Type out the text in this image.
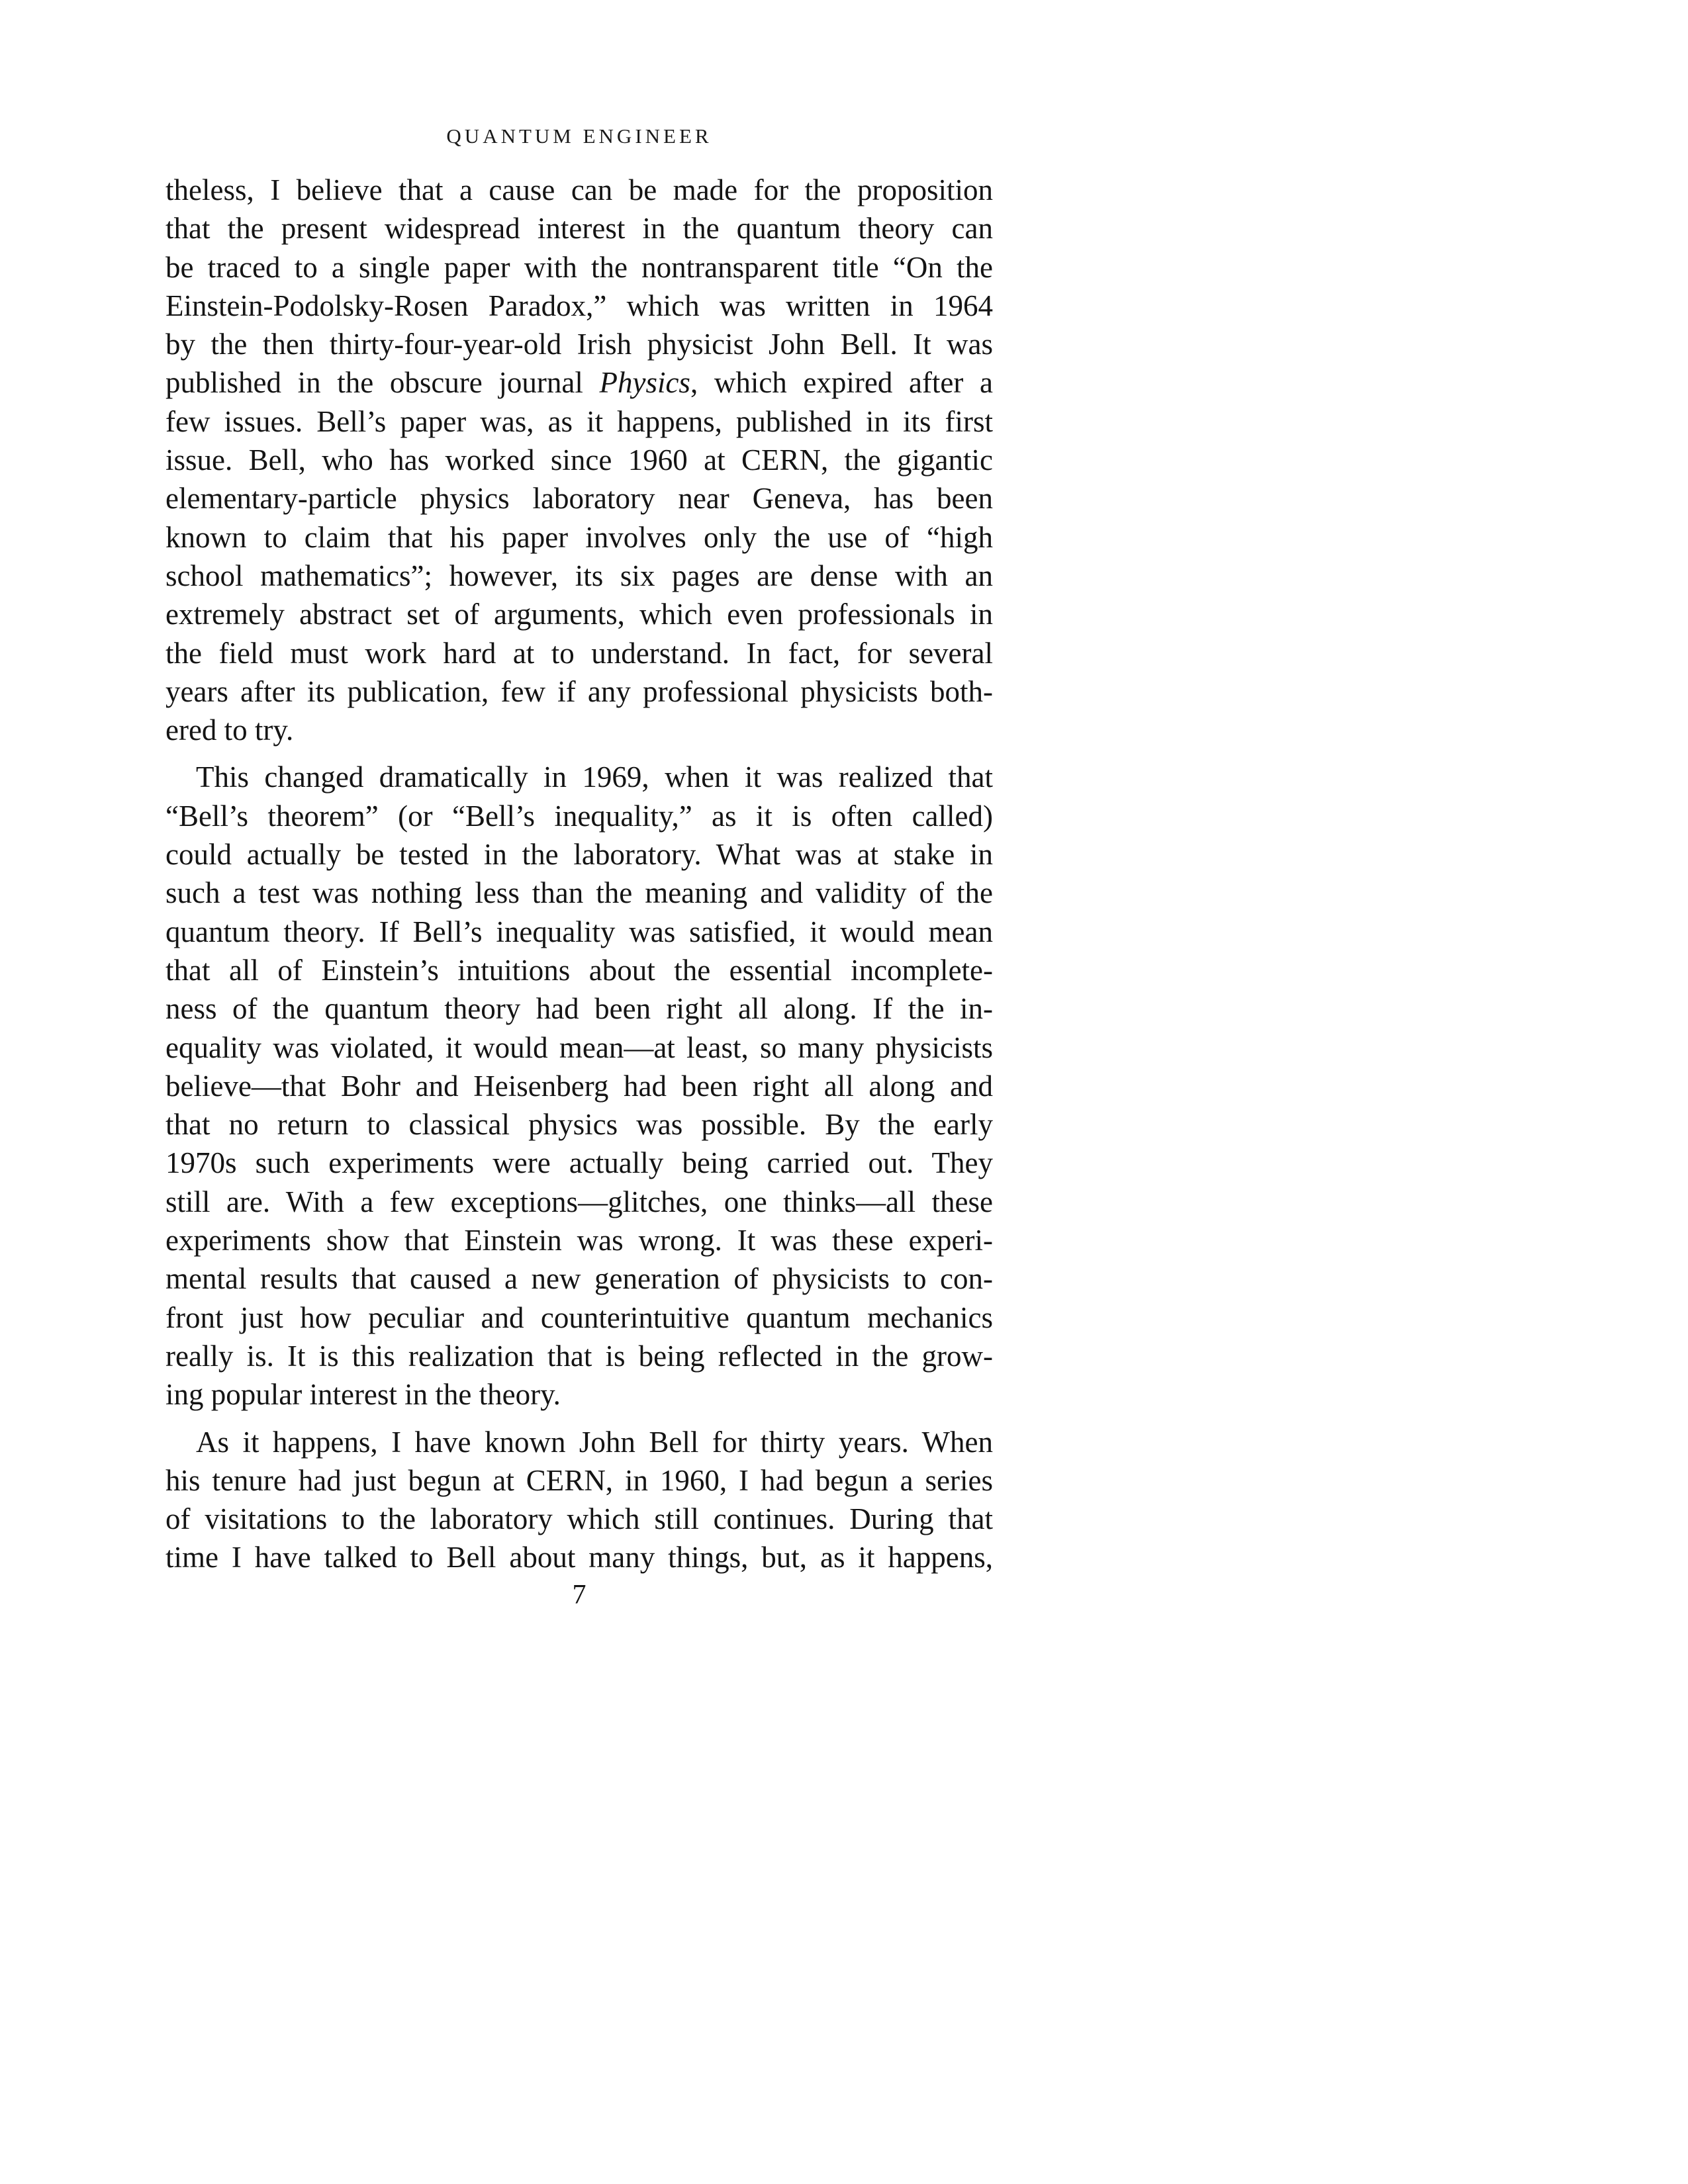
QUANTUM ENGINEER
theless, I believe that a cause can be made for the proposition
that the present widespread interest in the quantum theory can
be traced to a single paper with the nontransparent title “On the
Einstein-Podolsky-Rosen Paradox,” which was written in 1964
by the then thirty-four-year-old Irish physicist John Bell. It was
published in the obscure journal Physics, which expired after a
few issues. Bell’s paper was, as it happens, published in its first
issue. Bell, who has worked since 1960 at CERN, the gigantic
elementary-particle physics laboratory near Geneva, has been
known to claim that his paper involves only the use of “high
school mathematics”; however, its six pages are dense with an
extremely abstract set of arguments, which even professionals in
the field must work hard at to understand. In fact, for several
years after its publication, few if any professional physicists both-
ered to try.
This changed dramatically in 1969, when it was realized that
“Bell’s theorem” (or “Bell’s inequality,” as it is often called)
could actually be tested in the laboratory. What was at stake in
such a test was nothing less than the meaning and validity of the
quantum theory. If Bell’s inequality was satisfied, it would mean
that all of Einstein’s intuitions about the essential incomplete-
ness of the quantum theory had been right all along. If the in-
equality was violated, it would mean—at least, so many physicists
believe—that Bohr and Heisenberg had been right all along and
that no return to classical physics was possible. By the early
1970s such experiments were actually being carried out. They
still are. With a few exceptions—glitches, one thinks—all these
experiments show that Einstein was wrong. It was these experi-
mental results that caused a new generation of physicists to con-
front just how peculiar and counterintuitive quantum mechanics
really is. It is this realization that is being reflected in the grow-
ing popular interest in the theory.
As it happens, I have known John Bell for thirty years. When
his tenure had just begun at CERN, in 1960, I had begun a series
of visitations to the laboratory which still continues. During that
time I have talked to Bell about many things, but, as it happens,
7
